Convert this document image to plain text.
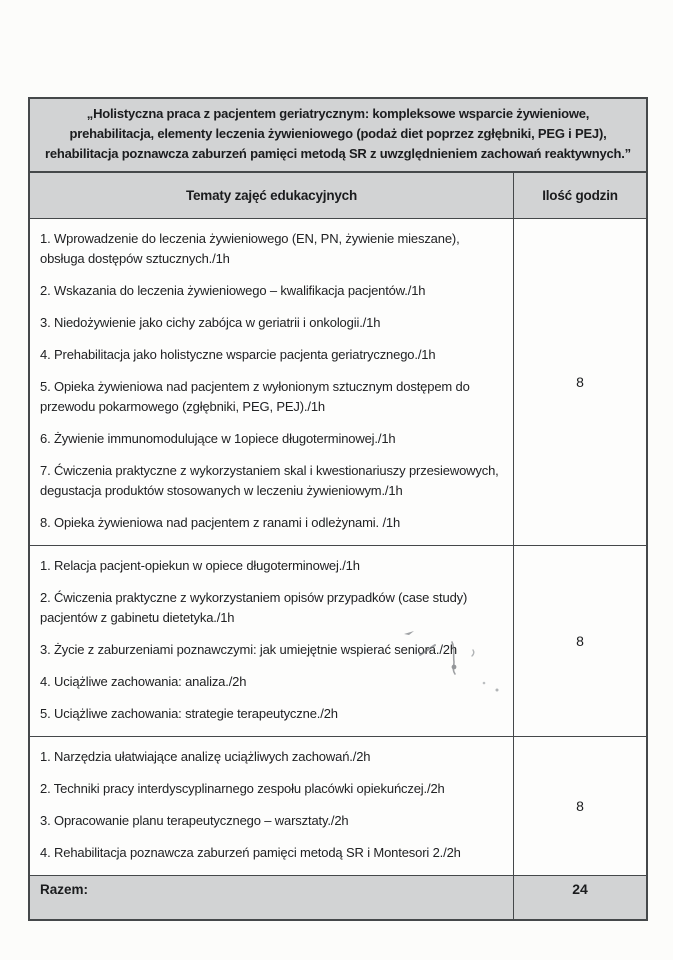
„Holistyczna praca z pacjentem geriatrycznym: kompleksowe wsparcie żywieniowe, prehabilitacja, elementy leczenia żywieniowego (podaż diet poprzez zgłębniki, PEG i PEJ), rehabilitacja poznawcza zaburzeń pamięci metodą SR z uwzględnieniem zachowań reaktywnych.”
Tematy zajęć edukacyjnych	Ilość godzin

1. Wprowadzenie do leczenia żywieniowego (EN, PN, żywienie mieszane), obsługa dostępów sztucznych./1h

2. Wskazania do leczenia żywieniowego – kwalifikacja pacjentów./1h

3. Niedożywienie jako cichy zabójca w geriatrii i onkologii./1h

4. Prehabilitacja jako holistyczne wsparcie pacjenta geriatrycznego./1h

5. Opieka żywieniowa nad pacjentem z wyłonionym sztucznym dostępem do przewodu pokarmowego (zgłębniki, PEG, PEJ)./1h

6. Żywienie immunomodulujące w 1opiece długoterminowej./1h

7. Ćwiczenia praktyczne z wykorzystaniem skal i kwestionariuszy przesiewowych, degustacja produktów stosowanych w leczeniu żywieniowym./1h

8. Opieka żywieniowa nad pacjentem z ranami i odleżynami. /1h

8

1. Relacja pacjent-opiekun w opiece długoterminowej./1h

2. Ćwiczenia praktyczne z wykorzystaniem opisów przypadków (case study) pacjentów z gabinetu dietetyka./1h

3. Życie z zaburzeniami poznawczymi: jak umiejętnie wspierać seniora./2h

4. Uciążliwe zachowania: analiza./2h

5. Uciążliwe zachowania: strategie terapeutyczne./2h

8

1. Narzędzia ułatwiające analizę uciążliwych zachowań./2h

2. Techniki pracy interdyscyplinarnego zespołu placówki opiekuńczej./2h

3. Opracowanie planu terapeutycznego – warsztaty./2h

4. Rehabilitacja poznawcza zaburzeń pamięci metodą SR i Montesori 2./2h

8
Razem:	24
